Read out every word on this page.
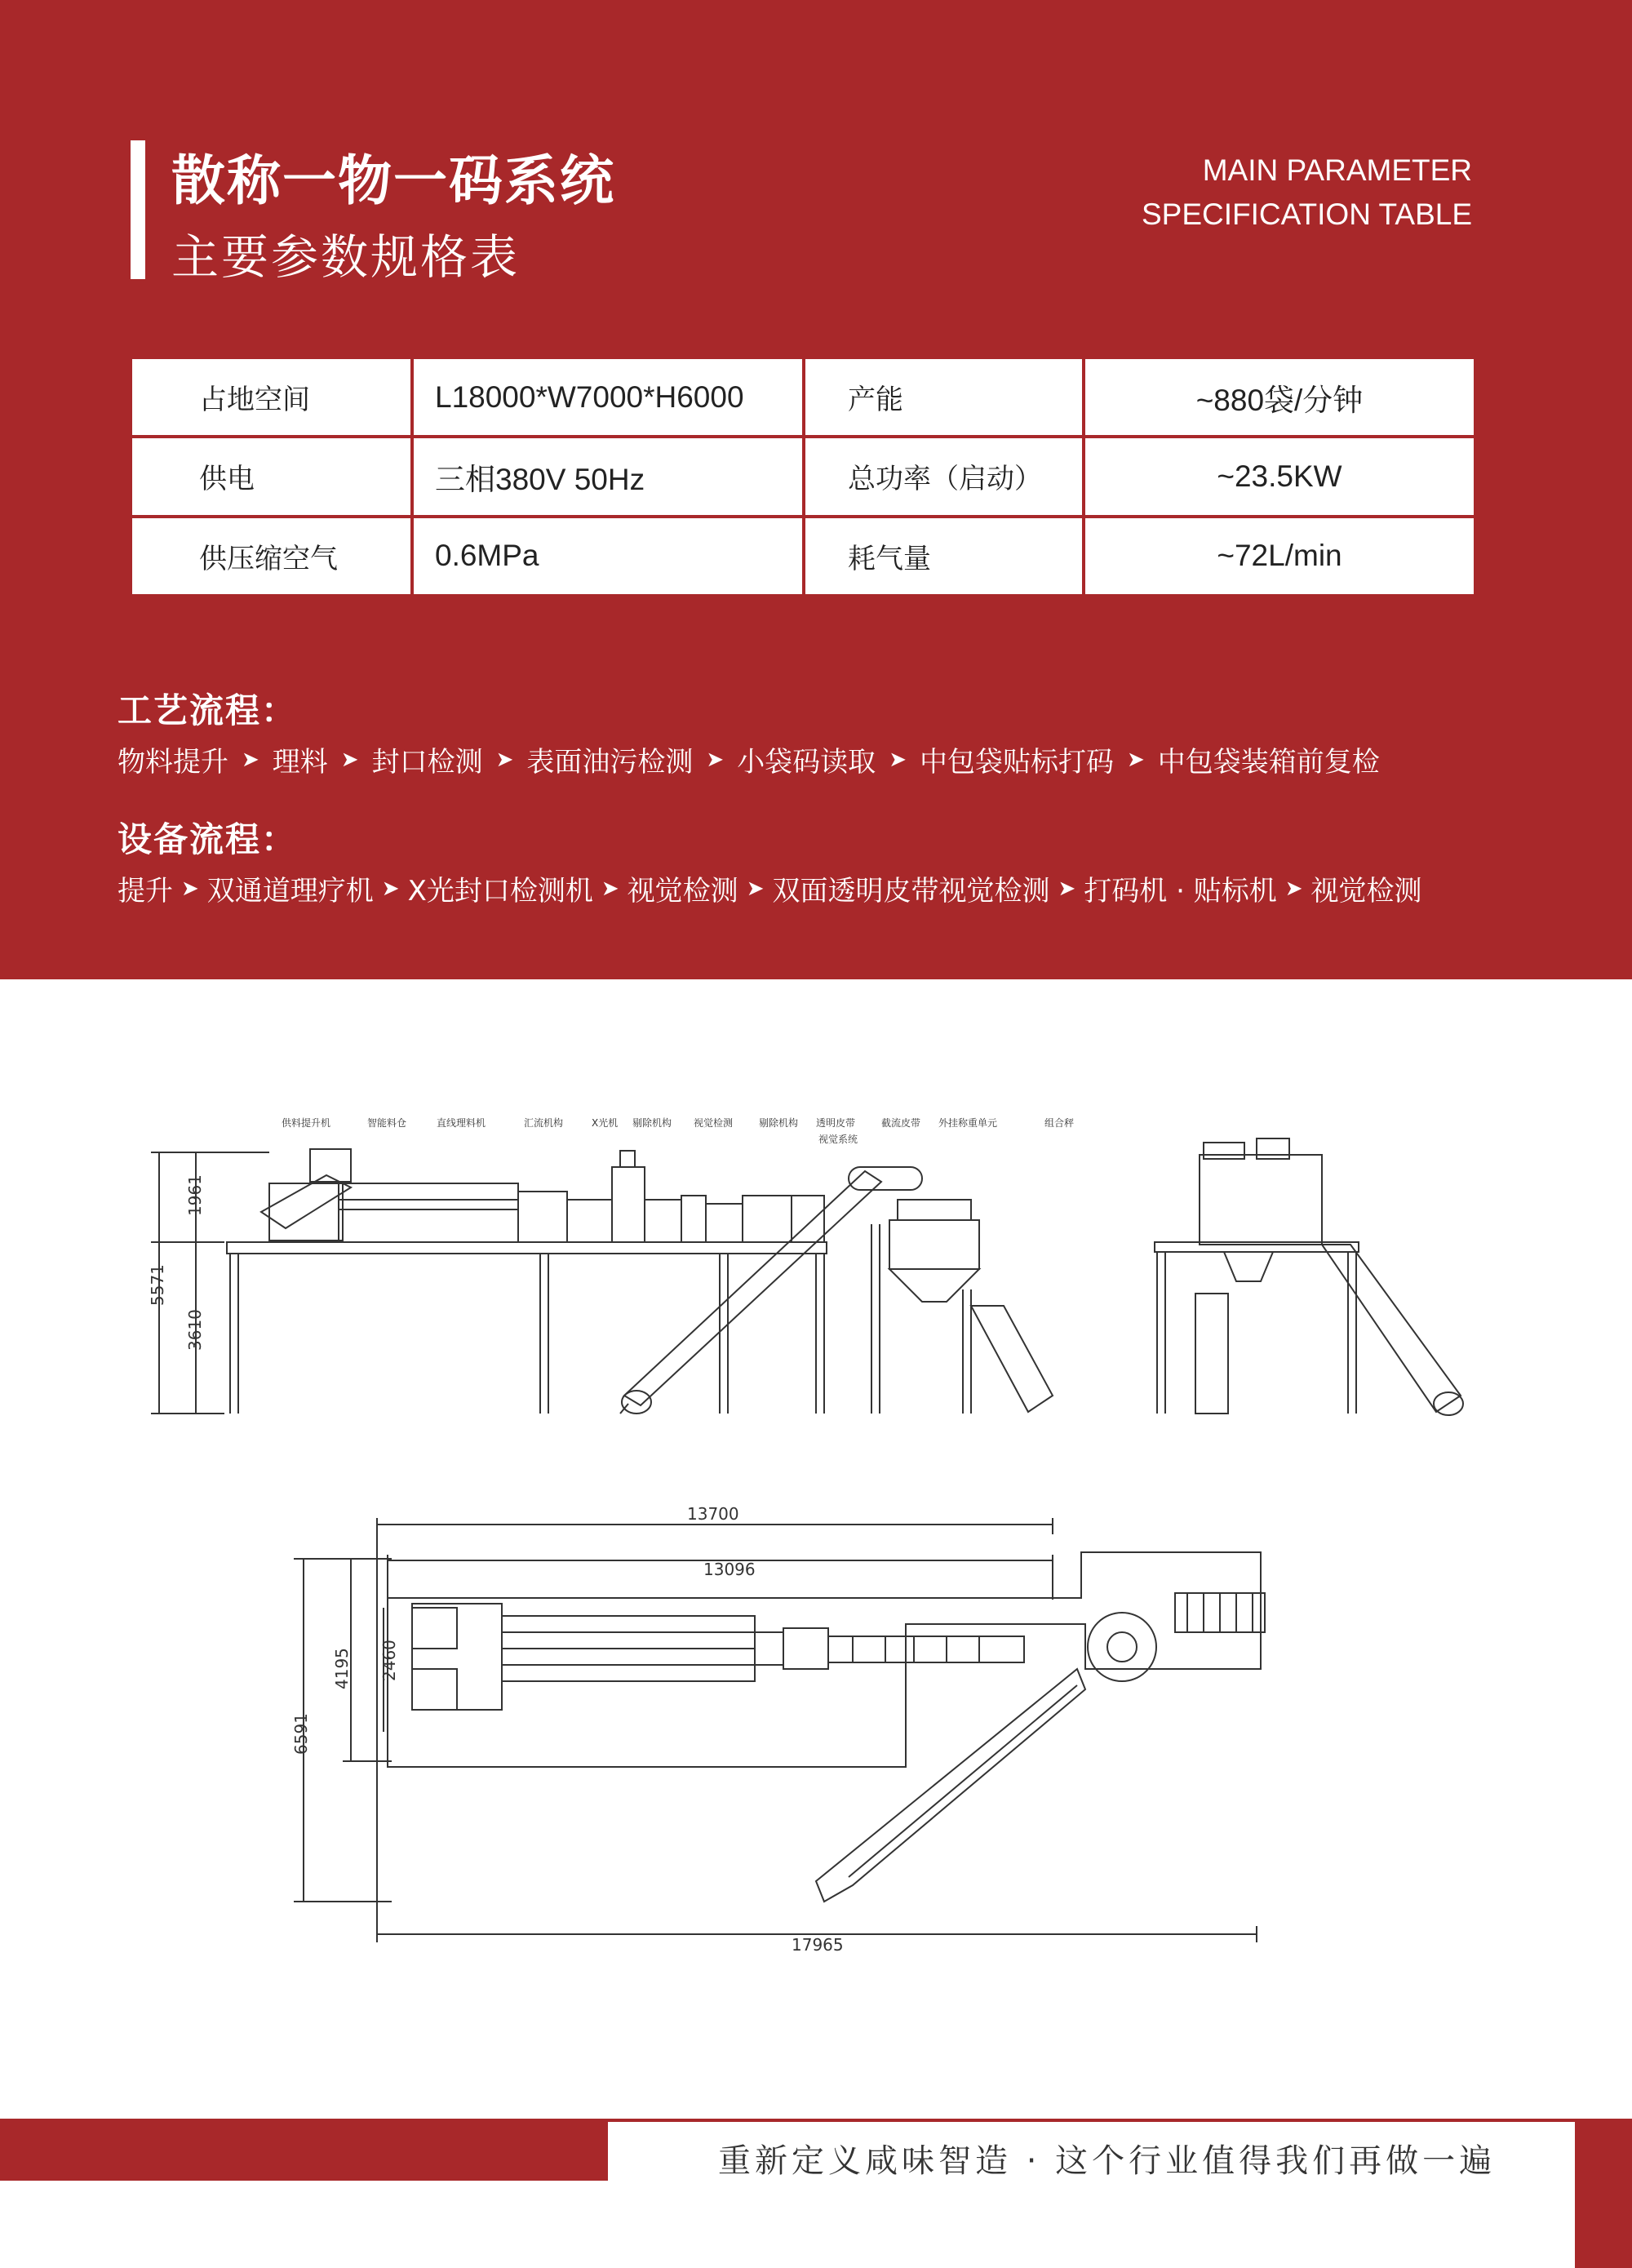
散称一物一码系统
主要参数规格表
MAIN PARAMETER
SPECIFICATION TABLE
占地空间	L18000*W7000*H6000	产能	~880袋/分钟
供电	三相380V 50Hz	总功率（启动）	~23.5KW
供压缩空气	0.6MPa	耗气量	~72L/min
工艺流程：
物料提升 ➤ 理料 ➤ 封口检测 ➤ 表面油污检测 ➤ 小袋码读取 ➤ 中包袋贴标打码 ➤ 中包袋装箱前复检
设备流程：
提升 ➤ 双通道理疗机 ➤ X光封口检测机 ➤ 视觉检测 ➤ 双面透明皮带视觉检测 ➤ 打码机 · 贴标机 ➤ 视觉检测
供料提升机	智能料仓	直线理料机	汇流机构	X光机 剔除机构 视觉检测	剔除机构 透明皮带
视觉系统
截流皮带 外挂称重单元	组合秤
1961
5571
3610
13700
13096
4195 2460
6591
17965
重新定义咸味智造 · 这个行业值得我们再做一遍
